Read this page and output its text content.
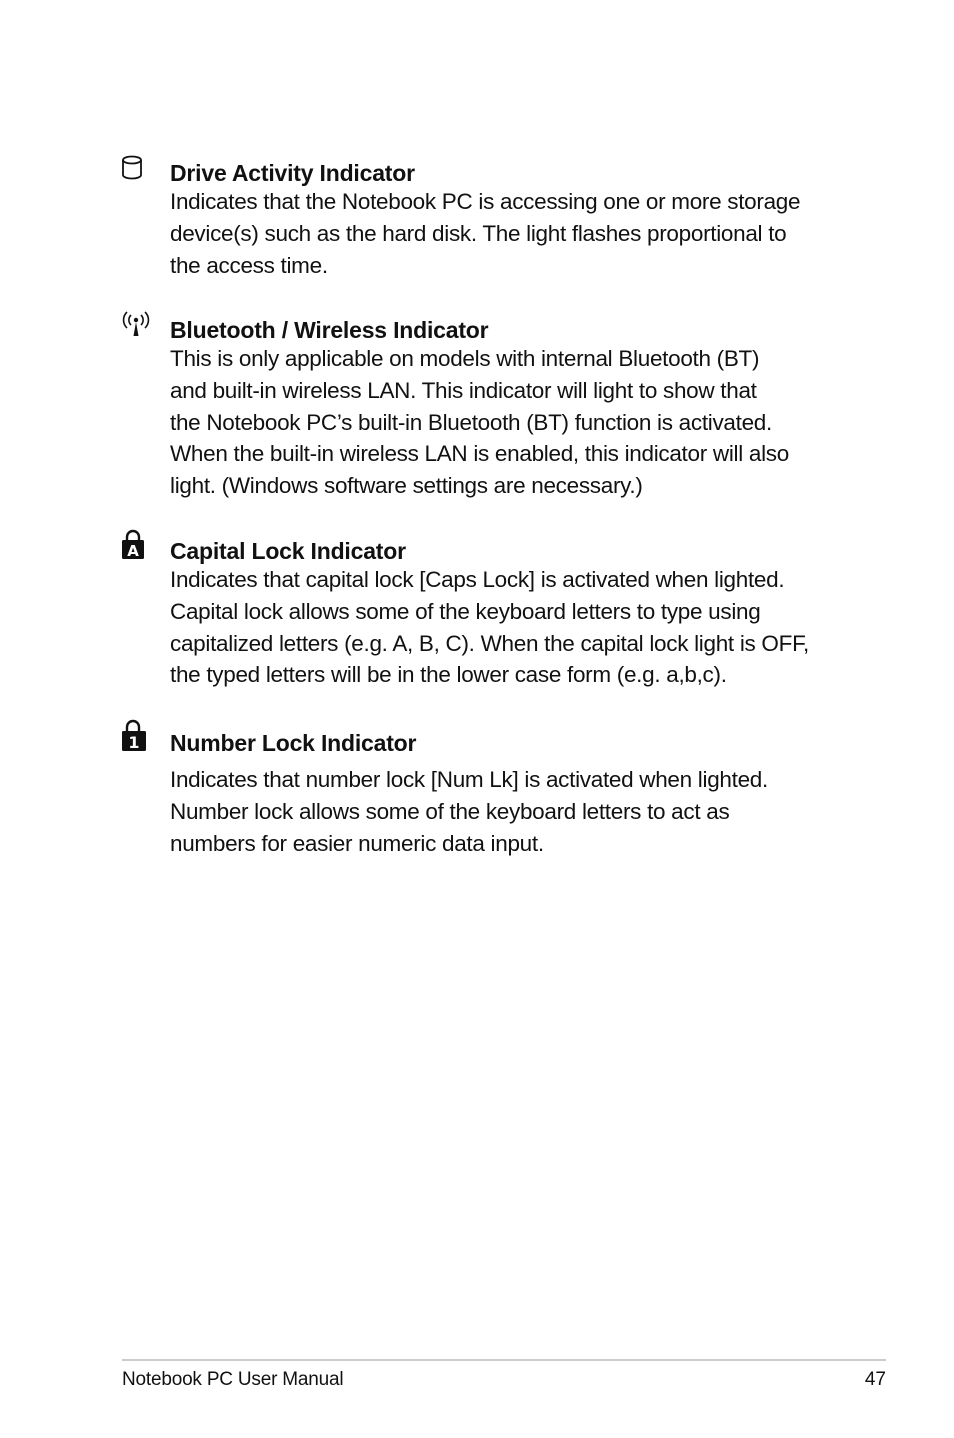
Drive Activity Indicator

Indicates that the Notebook PC is accessing one or more storage
device(s) such as the hard disk. The light flashes proportional to
the access time.

Bluetooth / Wireless Indicator

This is only applicable on models with internal Bluetooth (BT)
and built-in wireless LAN. This indicator will light to show that
the Notebook PC’s built-in Bluetooth (BT) function is activated.
When the built-in wireless LAN is enabled, this indicator will also
light. (Windows software settings are necessary.)

A Capital Lock Indicator

Indicates that capital lock [Caps Lock] is activated when lighted.
Capital lock allows some of the keyboard letters to type using
capitalized letters (e.g. A, B, C). When the capital lock light is OFF,
the typed letters will be in the lower case form (e.g. a,b,c).

1 Number Lock Indicator

Indicates that number lock [Num Lk] is activated when lighted.
Number lock allows some of the keyboard letters to act as
numbers for easier numeric data input.

Notebook PC User Manual	47
